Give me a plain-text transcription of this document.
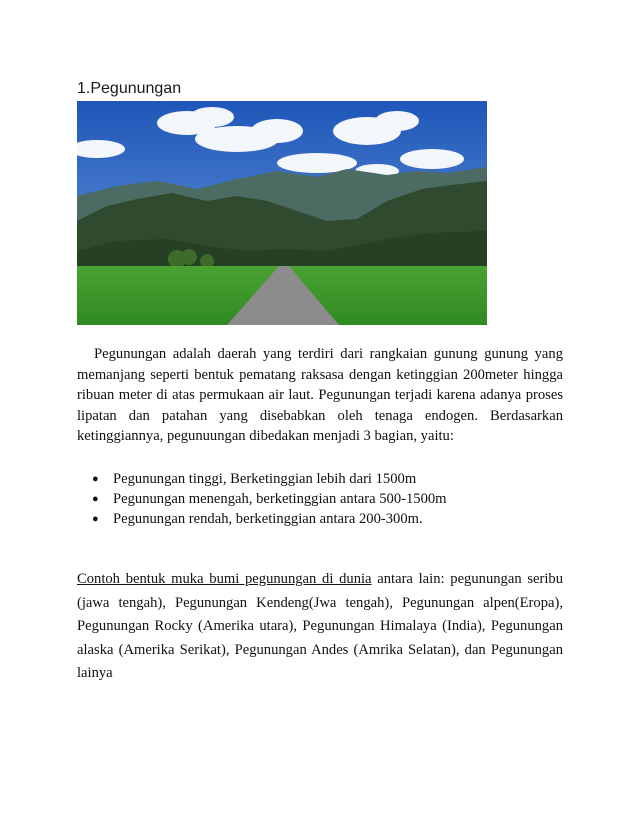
1.Pegunungan

Pegunungan adalah daerah yang terdiri dari rangkaian gunung gunung yang memanjang seperti bentuk pematang raksasa dengan ketinggian 200meter hingga ribuan meter di atas permukaan air laut. Pegunungan terjadi karena adanya proses lipatan dan patahan yang disebabkan oleh tenaga endogen. Berdasarkan ketinggiannya, pegunuungan dibedakan menjadi 3 bagian, yaitu:

● Pegunungan tinggi, Berketinggian lebih dari 1500m
● Pegunungan menengah, berketinggian antara 500-1500m
● Pegunungan rendah, berketinggian antara 200-300m.

Contoh bentuk muka bumi pegunungan di dunia antara lain: pegunungan seribu (jawa tengah), Pegunungan Kendeng(Jwa tengah), Pegunungan alpen(Eropa), Pegunungan Rocky (Amerika utara), Pegunungan Himalaya (India), Pegunungan alaska (Amerika Serikat), Pegunungan Andes (Amrika Selatan), dan Pegunungan lainya
